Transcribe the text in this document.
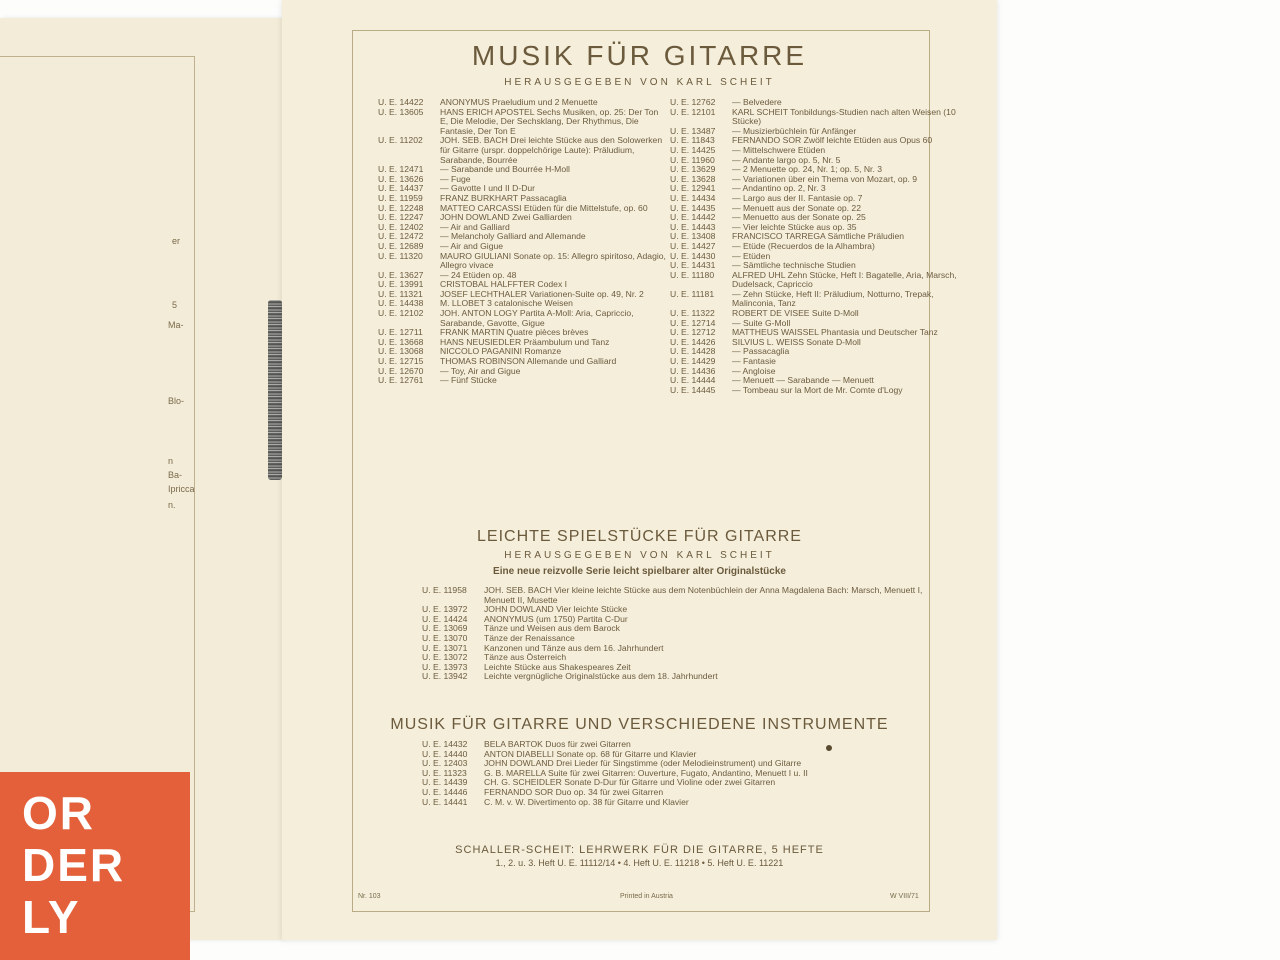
er
5
Ma-
Blo-
n
Ba-
Ipricca
n.
MUSIK FÜR GITARRE
HERAUSGEGEBEN VON KARL SCHEIT
U. E. 14422	ANONYMUS Praeludium und 2 Menuette
U. E. 13605	HANS ERICH APOSTEL Sechs Musiken, op. 25: Der Ton E, Die Melodie, Der Sechsklang, Der Rhythmus, Die Fantasie, Der Ton E
U. E. 11202	JOH. SEB. BACH Drei leichte Stücke aus den Solowerken für Gitarre (urspr. doppelchörige Laute): Präludium, Sarabande, Bourrée
U. E. 12471	— Sarabande und Bourrée H-Moll
U. E. 13626	— Fuge
U. E. 14437	— Gavotte I und II D-Dur
U. E. 11959	FRANZ BURKHART Passacaglia
U. E. 12248	MATTEO CARCASSI Etüden für die Mittelstufe, op. 60
U. E. 12247	JOHN DOWLAND Zwei Galliarden
U. E. 12402	— Air and Galliard
U. E. 12472	— Melancholy Galliard and Allemande
U. E. 12689	— Air and Gigue
U. E. 11320	MAURO GIULIANI Sonate op. 15: Allegro spiritoso, Adagio, Allegro vivace
U. E. 13627	— 24 Etüden op. 48
U. E. 13991	CRISTOBAL HALFFTER Codex I
U. E. 11321	JOSEF LECHTHALER Variationen-Suite op. 49, Nr. 2
U. E. 14438	M. LLOBET 3 catalonische Weisen
U. E. 12102	JOH. ANTON LOGY Partita A-Moll: Aria, Capriccio, Sarabande, Gavotte, Gigue
U. E. 12711	FRANK MARTIN Quatre pièces brèves
U. E. 13668	HANS NEUSIEDLER Präambulum und Tanz
U. E. 13068	NICCOLO PAGANINI Romanze
U. E. 12715	THOMAS ROBINSON Allemande und Galliard
U. E. 12670	— Toy, Air and Gigue
U. E. 12761	— Fünf Stücke
U. E. 12762	— Belvedere
U. E. 12101	KARL SCHEIT Tonbildungs-Studien nach alten Weisen (10 Stücke)
U. E. 13487	— Musizierbüchlein für Anfänger
U. E. 11843	FERNANDO SOR Zwölf leichte Etüden aus Opus 60
U. E. 14425	— Mittelschwere Etüden
U. E. 11960	— Andante largo op. 5, Nr. 5
U. E. 13629	— 2 Menuette op. 24, Nr. 1; op. 5, Nr. 3
U. E. 13628	— Variationen über ein Thema von Mozart, op. 9
U. E. 12941	— Andantino op. 2, Nr. 3
U. E. 14434	— Largo aus der II. Fantasie op. 7
U. E. 14435	— Menuett aus der Sonate op. 22
U. E. 14442	— Menuetto aus der Sonate op. 25
U. E. 14443	— Vier leichte Stücke aus op. 35
U. E. 13408	FRANCISCO TARREGA Sämtliche Präludien
U. E. 14427	— Etüde (Recuerdos de la Alhambra)
U. E. 14430	— Etüden
U. E. 14431	— Sämtliche technische Studien
U. E. 11180	ALFRED UHL Zehn Stücke, Heft I: Bagatelle, Aria, Marsch, Dudelsack, Capriccio
U. E. 11181	— Zehn Stücke, Heft II: Präludium, Notturno, Trepak, Malinconia, Tanz
U. E. 11322	ROBERT DE VISEE Suite D-Moll
U. E. 12714	— Suite G-Moll
U. E. 12712	MATTHEUS WAISSEL Phantasia und Deutscher Tanz
U. E. 14426	SILVIUS L. WEISS Sonate D-Moll
U. E. 14428	— Passacaglia
U. E. 14429	— Fantasie
U. E. 14436	— Angloise
U. E. 14444	— Menuett — Sarabande — Menuett
U. E. 14445	— Tombeau sur la Mort de Mr. Comte d'Logy
LEICHTE SPIELSTÜCKE FÜR GITARRE
HERAUSGEGEBEN VON KARL SCHEIT
Eine neue reizvolle Serie leicht spielbarer alter Originalstücke
U. E. 11958	JOH. SEB. BACH Vier kleine leichte Stücke aus dem Notenbüchlein der Anna Magdalena Bach: Marsch, Menuett I, Menuett II, Musette
U. E. 13972	JOHN DOWLAND Vier leichte Stücke
U. E. 14424	ANONYMUS (um 1750) Partita C-Dur
U. E. 13069	Tänze und Weisen aus dem Barock
U. E. 13070	Tänze der Renaissance
U. E. 13071	Kanzonen und Tänze aus dem 16. Jahrhundert
U. E. 13072	Tänze aus Österreich
U. E. 13973	Leichte Stücke aus Shakespeares Zeit
U. E. 13942	Leichte vergnügliche Originalstücke aus dem 18. Jahrhundert
MUSIK FÜR GITARRE UND VERSCHIEDENE INSTRUMENTE
U. E. 14432	BELA BARTOK Duos für zwei Gitarren
U. E. 14440	ANTON DIABELLI Sonate op. 68 für Gitarre und Klavier
U. E. 12403	JOHN DOWLAND Drei Lieder für Singstimme (oder Melodieinstrument) und Gitarre
U. E. 11323	G. B. MARELLA Suite für zwei Gitarren: Ouverture, Fugato, Andantino, Menuett I u. II
U. E. 14439	CH. G. SCHEIDLER Sonate D-Dur für Gitarre und Violine oder zwei Gitarren
U. E. 14446	FERNANDO SOR Duo op. 34 für zwei Gitarren
U. E. 14441	C. M. v. W. Divertimento op. 38 für Gitarre und Klavier
SCHALLER-SCHEIT: LEHRWERK FÜR DIE GITARRE, 5 HEFTE
1., 2. u. 3. Heft U. E. 11112/14 • 4. Heft U. E. 11218 • 5. Heft U. E. 11221
Nr. 103	Printed in Austria	W VIII/71
OR
DER
LY
